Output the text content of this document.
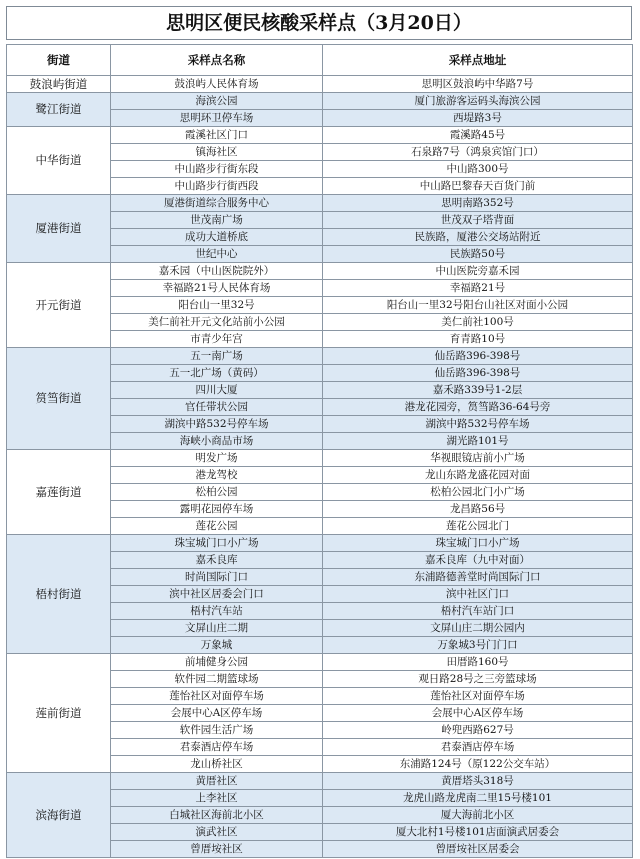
思明区便民核酸采样点（3月20日）
街道	采样点名称	采样点地址
鼓浪屿街道	鼓浪屿人民体育场	思明区鼓浪屿中华路7号
鹭江街道	海滨公园	厦门旅游客运码头海滨公园
	思明环卫停车场	西堤路3号
中华街道	霞溪社区门口	霞溪路45号
	镇海社区	石泉路7号（鸿泉宾馆门口）
	中山路步行街东段	中山路300号
	中山路步行街西段	中山路巴黎春天百货门前
厦港街道	厦港街道综合服务中心	思明南路352号
	世茂南广场	世茂双子塔背面
	成功大道桥底	民族路，厦港公交场站附近
	世纪中心	民族路50号
开元街道	嘉禾园（中山医院院外）	中山医院旁嘉禾园
	幸福路21号人民体育场	幸福路21号
	阳台山一里32号	阳台山一里32号阳台山社区对面小公园
	美仁前社开元文化站前小公园	美仁前社100号
	市青少年宫	育青路10号
筼筜街道	五一南广场	仙岳路396-398号
	五一北广场（黄码）	仙岳路396-398号
	四川大厦	嘉禾路339号1-2层
	官任带状公园	港龙花园旁，筼筜路36-64号旁
	湖滨中路532号停车场	湖滨中路532号停车场
	海峡小商品市场	湖光路101号
嘉莲街道	明发广场	华视眼镜店前小广场
	港龙驾校	龙山东路龙盛花园对面
	松柏公园	松柏公园北门小广场
	露明花园停车场	龙昌路56号
	莲花公园	莲花公园北门
梧村街道	珠宝城门口小广场	珠宝城门口小广场
	嘉禾良库	嘉禾良库（九中对面）
	时尚国际门口	东浦路德善堂时尚国际门口
	滨中社区居委会门口	滨中社区门口
	梧村汽车站	梧村汽车站门口
	文屏山庄二期	文屏山庄二期公园内
	万象城	万象城3号门门口
莲前街道	前埔健身公园	田厝路160号
	软件园二期篮球场	观日路28号之三旁篮球场
	莲怡社区对面停车场	莲怡社区对面停车场
	会展中心A区停车场	会展中心A区停车场
	软件园生活广场	岭兜西路627号
	君泰酒店停车场	君泰酒店停车场
	龙山桥社区	东浦路124号（原122公交车站）
滨海街道	黄厝社区	黄厝塔头318号
	上李社区	龙虎山路龙虎南二里15号楼101
	白城社区海前北小区	厦大海前北小区
	演武社区	厦大北村1号楼101店面演武居委会
	曾厝垵社区	曾厝垵社区居委会
